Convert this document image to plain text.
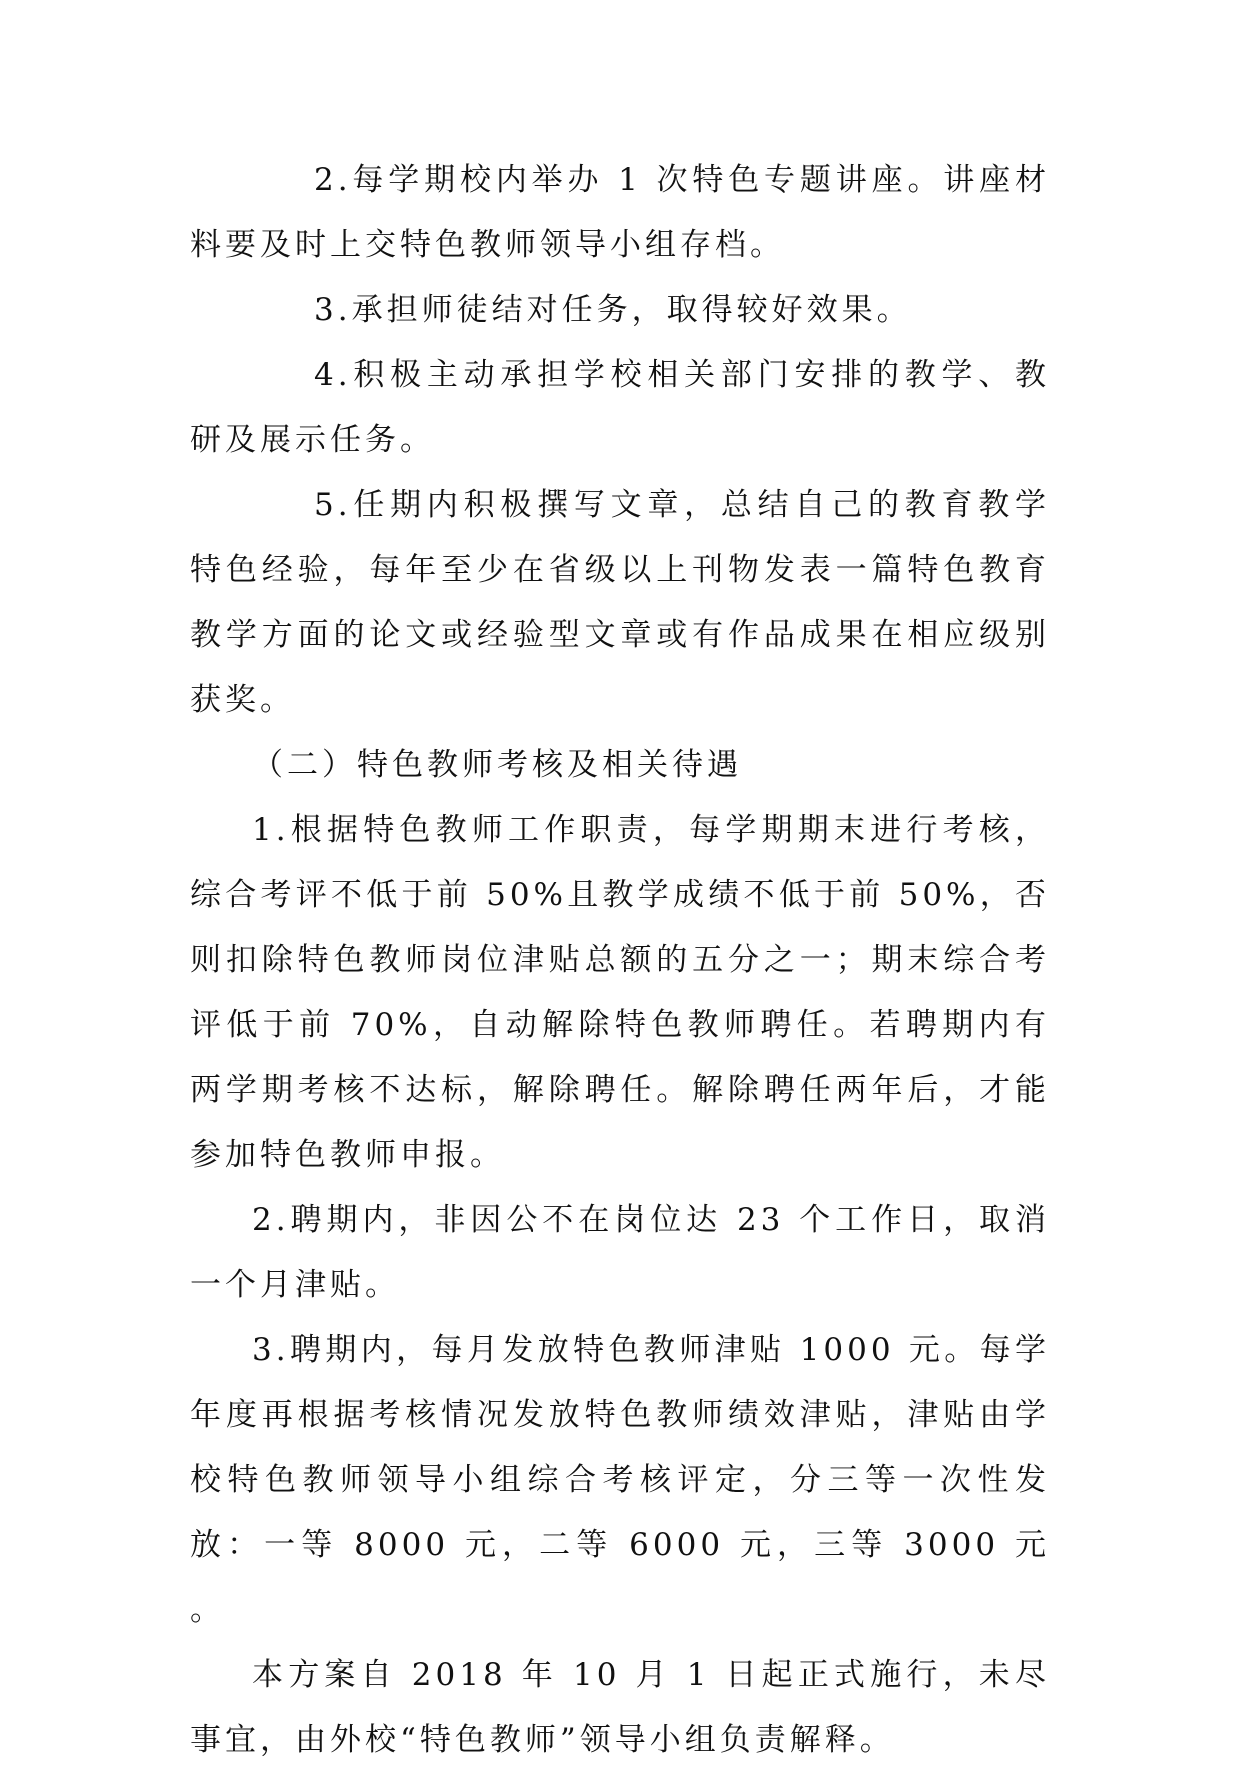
2.每学期校内举办 1 次特色专题讲座。讲座材料要及时上交特色教师领导小组存档。

3.承担师徒结对任务，取得较好效果。

4.积极主动承担学校相关部门安排的教学、教研及展示任务。

5.任期内积极撰写文章，总结自己的教育教学特色经验，每年至少在省级以上刊物发表一篇特色教育教学方面的论文或经验型文章或有作品成果在相应级别获奖。

（二）特色教师考核及相关待遇

1.根据特色教师工作职责，每学期期末进行考核，综合考评不低于前 50%且教学成绩不低于前 50%，否则扣除特色教师岗位津贴总额的五分之一；期末综合考评低于前 70%，自动解除特色教师聘任。若聘期内有两学期考核不达标，解除聘任。解除聘任两年后，才能参加特色教师申报。

2.聘期内，非因公不在岗位达 23 个工作日，取消一个月津贴。

3.聘期内，每月发放特色教师津贴 1000 元。每学年度再根据考核情况发放特色教师绩效津贴，津贴由学校特色教师领导小组综合考核评定，分三等一次性发放：一等 8000 元，二等 6000 元，三等 3000 元 。

本方案自 2018 年 10 月 1 日起正式施行，未尽事宜，由外校“特色教师”领导小组负责解释。
